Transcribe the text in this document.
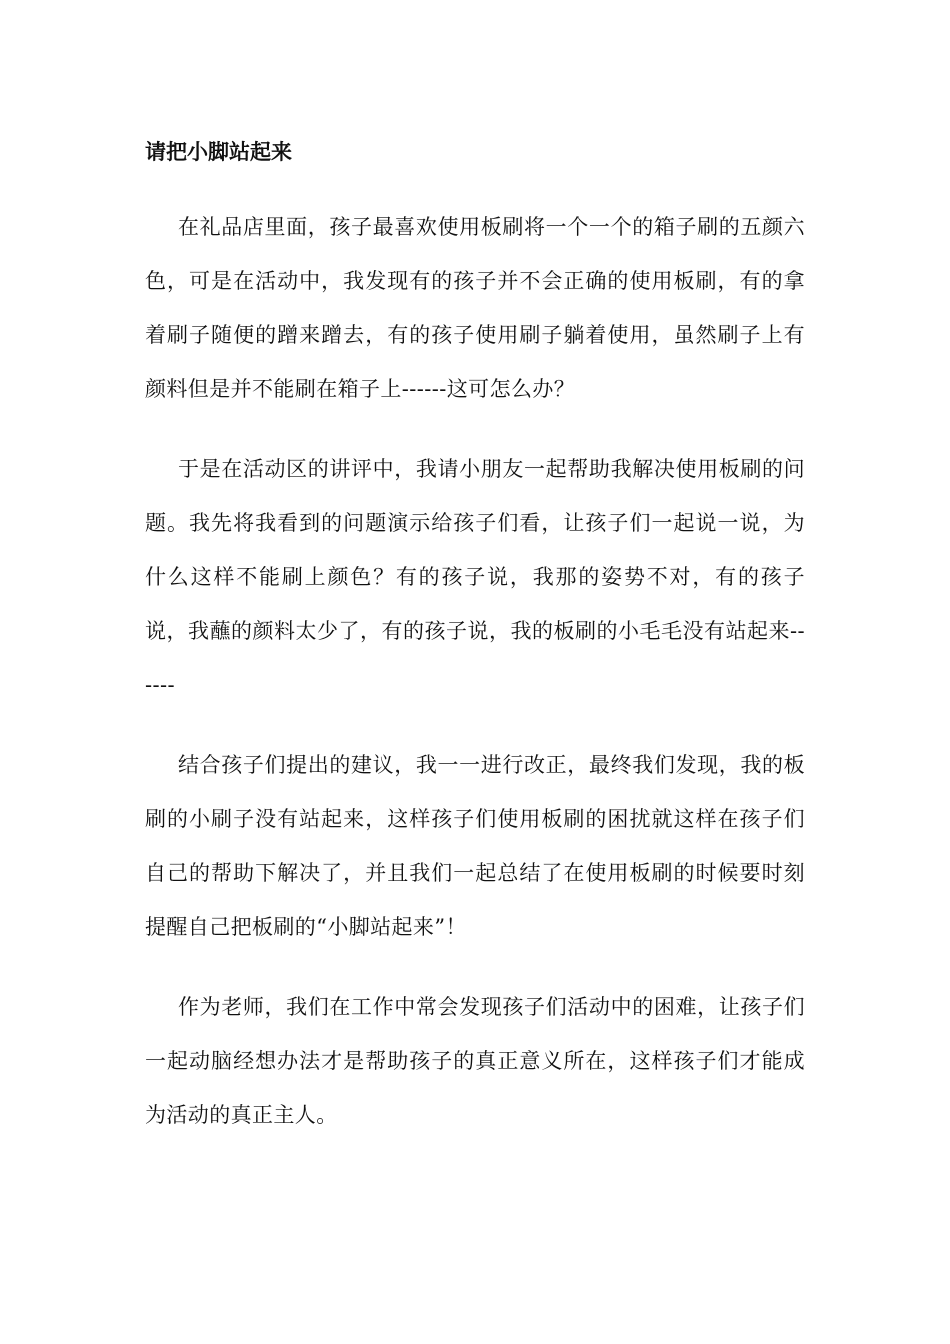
请把小脚站起来

在礼品店里面，孩子最喜欢使用板刷将一个一个的箱子刷的五颜六色，可是在活动中，我发现有的孩子并不会正确的使用板刷，有的拿着刷子随便的蹭来蹭去，有的孩子使用刷子躺着使用，虽然刷子上有颜料但是并不能刷在箱子上------这可怎么办？

于是在活动区的讲评中，我请小朋友一起帮助我解决使用板刷的问题。我先将我看到的问题演示给孩子们看，让孩子们一起说一说，为什么这样不能刷上颜色？有的孩子说，我那的姿势不对，有的孩子说，我蘸的颜料太少了，有的孩子说，我的板刷的小毛毛没有站起来------

结合孩子们提出的建议，我一一进行改正，最终我们发现，我的板刷的小刷子没有站起来，这样孩子们使用板刷的困扰就这样在孩子们自己的帮助下解决了，并且我们一起总结了在使用板刷的时候要时刻提醒自己把板刷的“小脚站起来”！

作为老师，我们在工作中常会发现孩子们活动中的困难，让孩子们一起动脑经想办法才是帮助孩子的真正意义所在，这样孩子们才能成为活动的真正主人。
